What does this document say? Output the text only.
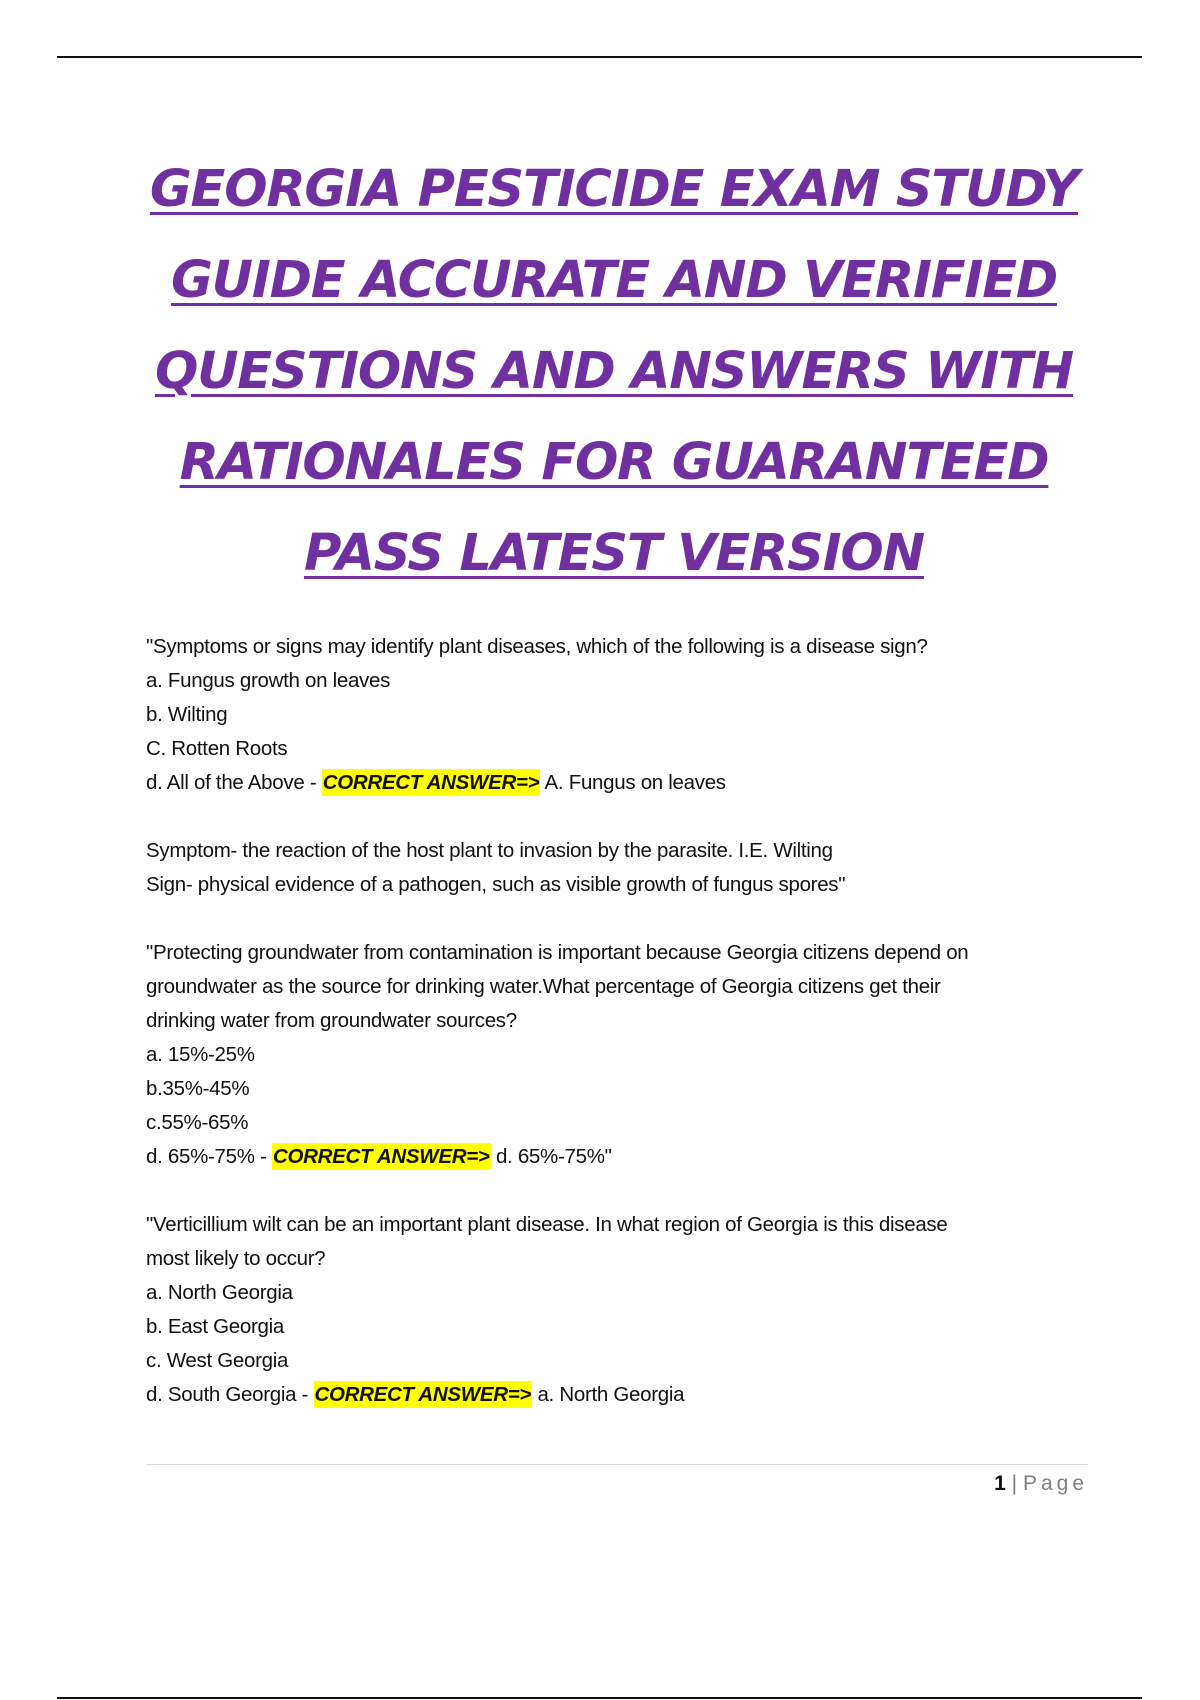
GEORGIA PESTICIDE EXAM STUDY
GUIDE ACCURATE AND VERIFIED
QUESTIONS AND ANSWERS WITH
RATIONALES FOR GUARANTEED
PASS LATEST VERSION
"Symptoms or signs may identify plant diseases, which of the following is a disease sign?
a. Fungus growth on leaves
b. Wilting
C. Rotten Roots
d. All of the Above - CORRECT ANSWER=> A. Fungus on leaves
Symptom- the reaction of the host plant to invasion by the parasite. I.E. Wilting
Sign- physical evidence of a pathogen, such as visible growth of fungus spores"
"Protecting groundwater from contamination is important because Georgia citizens depend on
groundwater as the source for drinking water.What percentage of Georgia citizens get their
drinking water from groundwater sources?
a. 15%-25%
b.35%-45%
c.55%-65%
d. 65%-75% - CORRECT ANSWER=> d. 65%-75%"
"Verticillium wilt can be an important plant disease. In what region of Georgia is this disease
most likely to occur?
a. North Georgia
b. East Georgia
c. West Georgia
d. South Georgia - CORRECT ANSWER=> a. North Georgia
1 | Page
